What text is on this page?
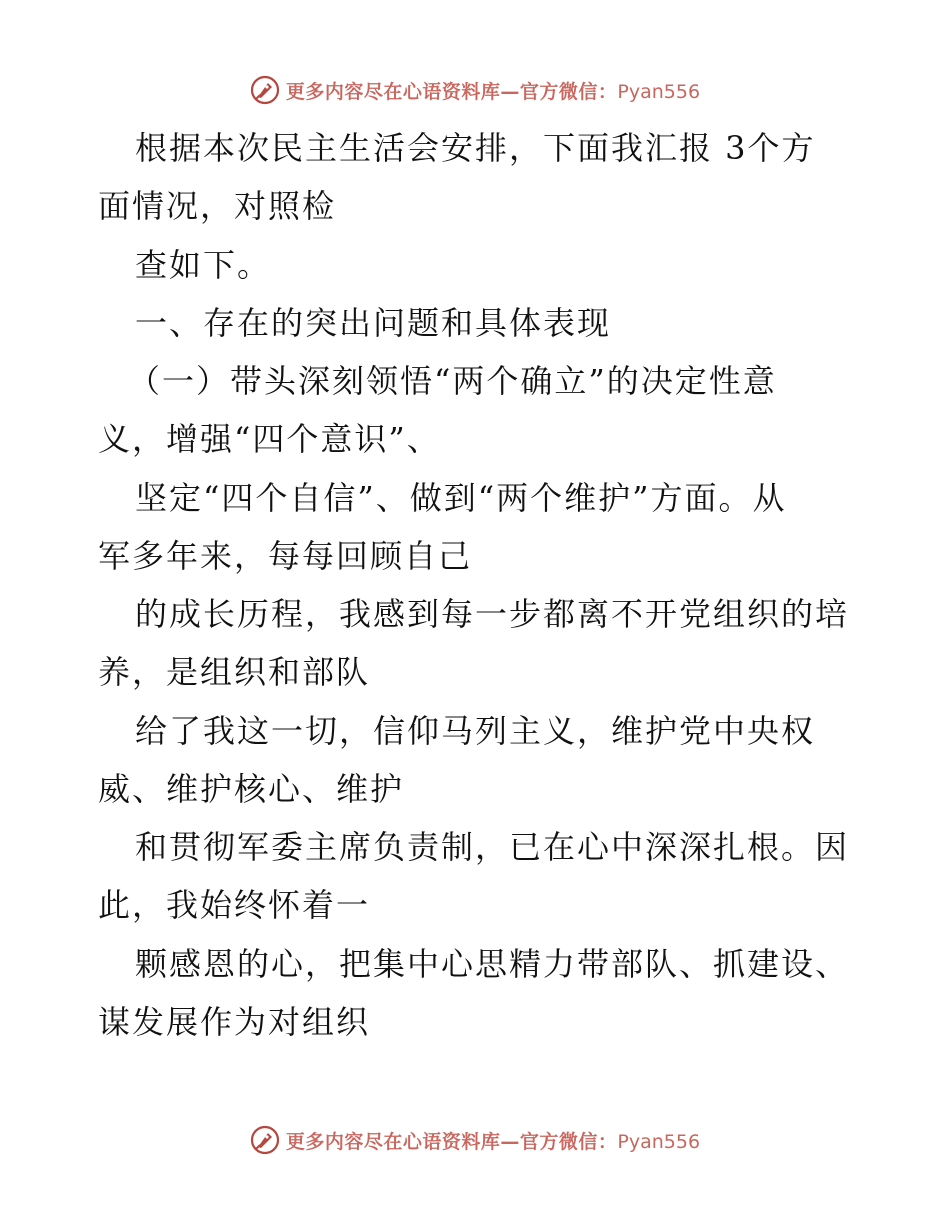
更多内容尽在心语资料库—官方微信：Pyan556
根据本次民主生活会安排，下面我汇报 3个方
面情况，对照检
查如下。
一、存在的突出问题和具体表现
（一）带头深刻领悟“两个确立”的决定性意
义，增强“四个意识”、
坚定“四个自信”、做到“两个维护”方面。从
军多年来，每每回顾自己
的成长历程，我感到每一步都离不开党组织的培
养，是组织和部队
给了我这一切，信仰马列主义，维护党中央权
威、维护核心、维护
和贯彻军委主席负责制，已在心中深深扎根。因
此，我始终怀着一
颗感恩的心，把集中心思精力带部队、抓建设、
谋发展作为对组织
更多内容尽在心语资料库—官方微信：Pyan556
